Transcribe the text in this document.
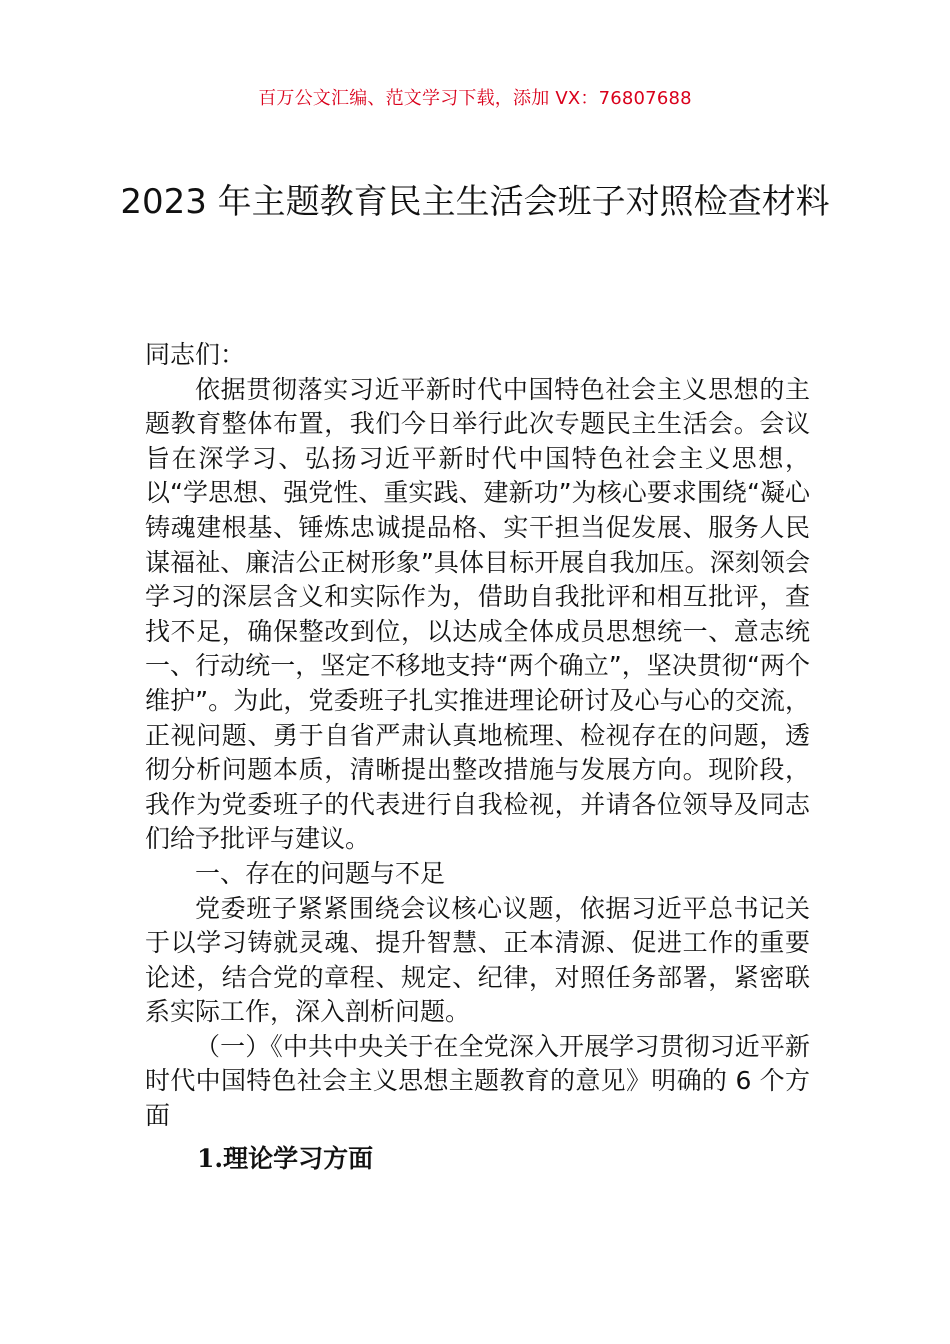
百万公文汇编、范文学习下载，添加 VX：76807688
2023 年主题教育民主生活会班子对照检查材料

同志们：

依据贯彻落实习近平新时代中国特色社会主义思想的主题教育整体布置，我们今日举行此次专题民主生活会。会议旨在深学习、弘扬习近平新时代中国特色社会主义思想，以“学思想、强党性、重实践、建新功”为核心要求围绕“凝心铸魂建根基、锤炼忠诚提品格、实干担当促发展、服务人民谋福祉、廉洁公正树形象”具体目标开展自我加压。深刻领会学习的深层含义和实际作为，借助自我批评和相互批评，查找不足，确保整改到位，以达成全体成员思想统一、意志统一、行动统一，坚定不移地支持“两个确立”，坚决贯彻“两个维护”。为此，党委班子扎实推进理论研讨及心与心的交流，正视问题、勇于自省严肃认真地梳理、检视存在的问题，透彻分析问题本质，清晰提出整改措施与发展方向。现阶段，我作为党委班子的代表进行自我检视，并请各位领导及同志们给予批评与建议。

一、存在的问题与不足

党委班子紧紧围绕会议核心议题，依据习近平总书记关于以学习铸就灵魂、提升智慧、正本清源、促进工作的重要论述，结合党的章程、规定、纪律，对照任务部署，紧密联系实际工作，深入剖析问题。

（一）《中共中央关于在全党深入开展学习贯彻习近平新时代中国特色社会主义思想主题教育的意见》明确的 6 个方面

1.理论学习方面
